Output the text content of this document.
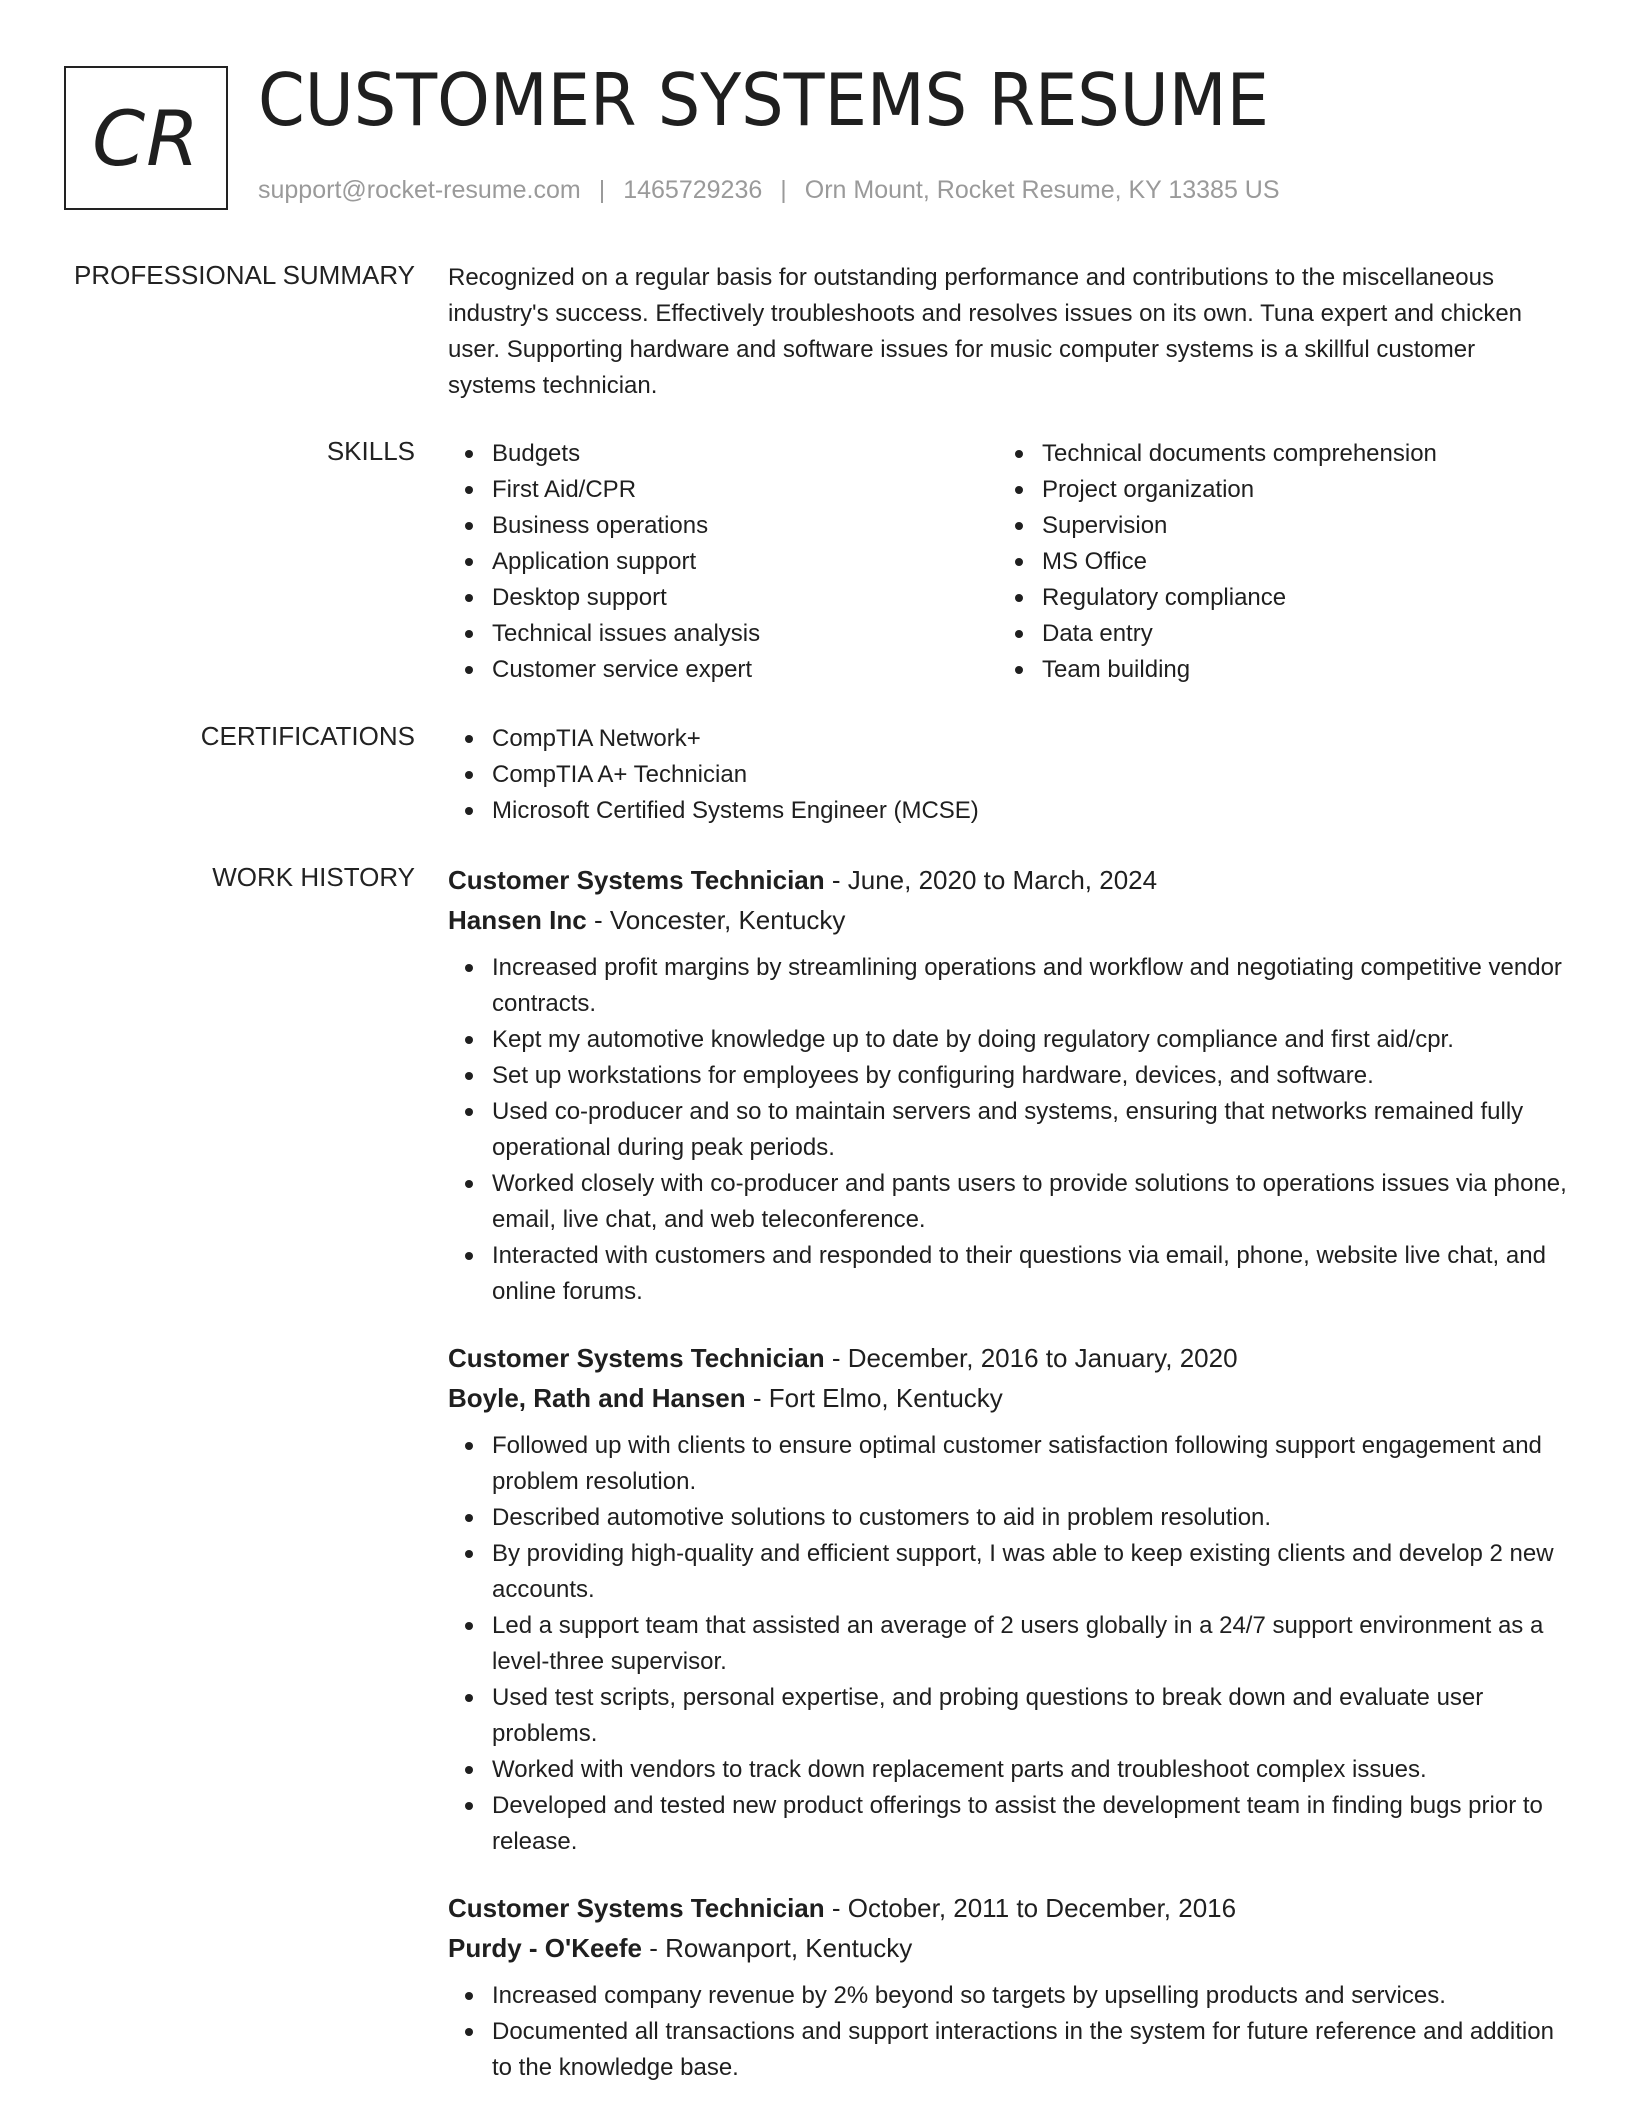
CR CUSTOMER SYSTEMS RESUME
support@rocket-resume.com | 1465729236 | Orn Mount, Rocket Resume, KY 13385 US
PROFESSIONAL SUMMARY Recognized on a regular basis for outstanding performance and contributions to the miscellaneous industry's success. Effectively troubleshoots and resolves issues on its own. Tuna expert and chicken user. Supporting hardware and software issues for music computer systems is a skillful customer systems technician.
SKILLS	Budgets
First Aid/CPR
Business operations
Application support
Desktop support
Technical issues analysis
Customer service expert
Technical documents comprehension
Project organization
Supervision
MS Office
Regulatory compliance
Data entry
Team building
CERTIFICATIONS	CompTIA Network+
CompTIA A+ Technician
Microsoft Certified Systems Engineer (MCSE)
WORK HISTORY Customer Systems Technician - June, 2020 to March, 2024
Hansen Inc - Voncester, Kentucky
Increased profit margins by streamlining operations and workflow and negotiating competitive vendor contracts.
Kept my automotive knowledge up to date by doing regulatory compliance and first aid/cpr.
Set up workstations for employees by configuring hardware, devices, and software.
Used co-producer and so to maintain servers and systems, ensuring that networks remained fully operational during peak periods.
Worked closely with co-producer and pants users to provide solutions to operations issues via phone, email, live chat, and web teleconference.
Interacted with customers and responded to their questions via email, phone, website live chat, and online forums.
Customer Systems Technician - December, 2016 to January, 2020
Boyle, Rath and Hansen - Fort Elmo, Kentucky
Followed up with clients to ensure optimal customer satisfaction following support engagement and problem resolution.
Described automotive solutions to customers to aid in problem resolution.
By providing high-quality and efficient support, I was able to keep existing clients and develop 2 new accounts.
Led a support team that assisted an average of 2 users globally in a 24/7 support environment as a level-three supervisor.
Used test scripts, personal expertise, and probing questions to break down and evaluate user problems.
Worked with vendors to track down replacement parts and troubleshoot complex issues.
Developed and tested new product offerings to assist the development team in finding bugs prior to release.
Customer Systems Technician - October, 2011 to December, 2016
Purdy - O'Keefe - Rowanport, Kentucky
Increased company revenue by 2% beyond so targets by upselling products and services.
Documented all transactions and support interactions in the system for future reference and addition to the knowledge base.
